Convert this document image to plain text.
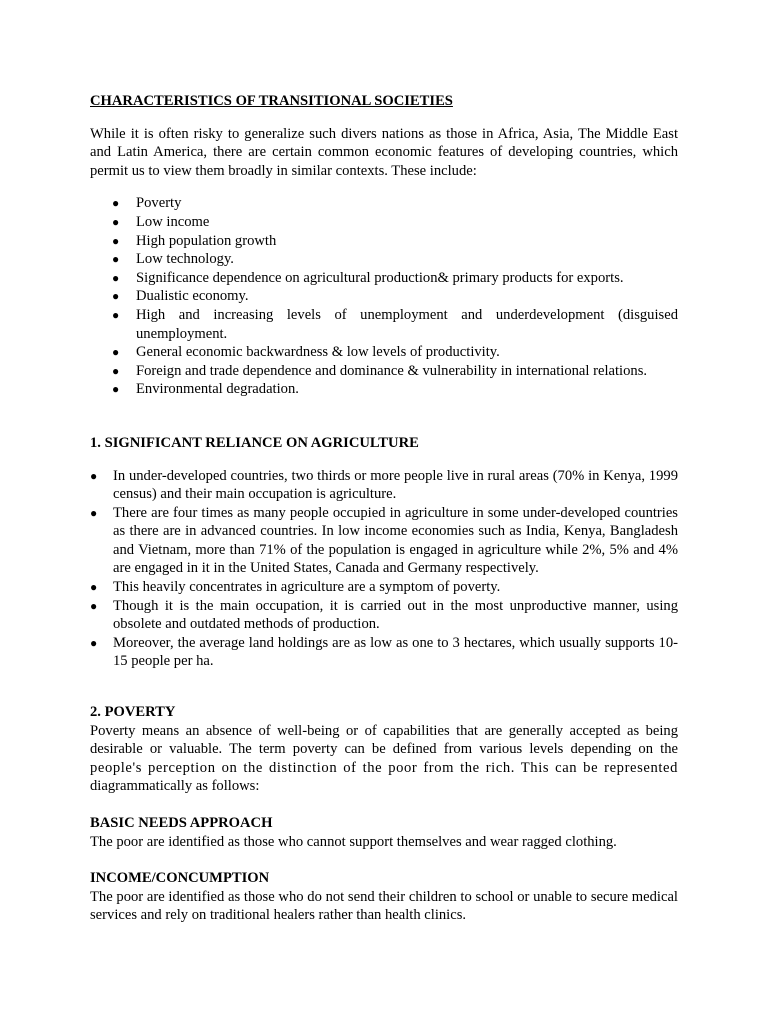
CHARACTERISTICS OF TRANSITIONAL SOCIETIES

While it is often risky to generalize such divers nations as those in Africa, Asia, The Middle East and Latin America, there are certain common economic features of developing countries, which permit us to view them broadly in similar contexts. These include:

● Poverty
● Low income
● High population growth
● Low technology.
● Significance dependence on agricultural production& primary products for exports.
● Dualistic economy.
● High and increasing levels of unemployment and underdevelopment (disguised unemployment.
● General economic backwardness & low levels of productivity.
● Foreign and trade dependence and dominance & vulnerability in international relations.
● Environmental degradation.
1. SIGNIFICANT RELIANCE ON AGRICULTURE
● In under-developed countries, two thirds or more people live in rural areas (70% in Kenya, 1999 census) and their main occupation is agriculture.
● There are four times as many people occupied in agriculture in some under-developed countries as there are in advanced countries. In low income economies such as India, Kenya, Bangladesh and Vietnam, more than 71% of the population is engaged in agriculture while 2%, 5% and 4% are engaged in it in the United States, Canada and Germany respectively.
● This heavily concentrates in agriculture are a symptom of poverty.
● Though it is the main occupation, it is carried out in the most unproductive manner, using obsolete and outdated methods of production.
● Moreover, the average land holdings are as low as one to 3 hectares, which usually supports 10-15 people per ha.
2. POVERTY

Poverty means an absence of well-being or of capabilities that are generally accepted as being desirable or valuable. The term poverty can be defined from various levels depending on the people's perception on the distinction of the poor from the rich. This can be represented diagrammatically as follows:

BASIC NEEDS APPROACH

The poor are identified as those who cannot support themselves and wear ragged clothing.

INCOME/CONCUMPTION

The poor are identified as those who do not send their children to school or unable to secure medical services and rely on traditional healers rather than health clinics.
